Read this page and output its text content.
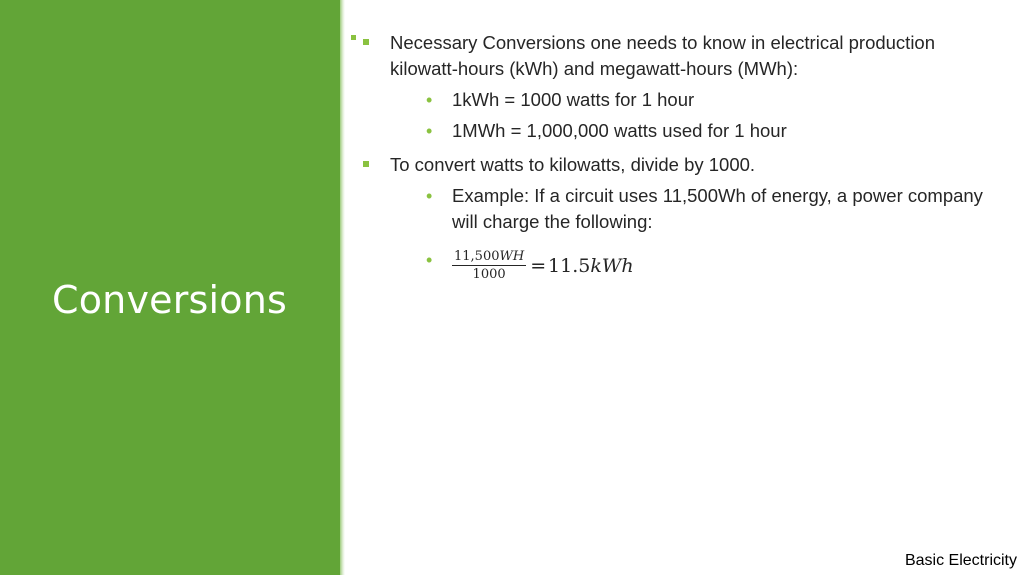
Conversions
Necessary Conversions one needs to know in electrical production
kilowatt-hours (kWh) and megawatt-hours (MWh):
• 1kWh = 1000 watts for 1 hour
• 1MWh = 1,000,000 watts used for 1 hour
To convert watts to kilowatts, divide by 1000.
• Example: If a circuit uses 11,500Wh of energy, a power company
will charge the following:
• $\frac{11,500WH}{1000}$ =  11.5kWh
Basic Electricity
